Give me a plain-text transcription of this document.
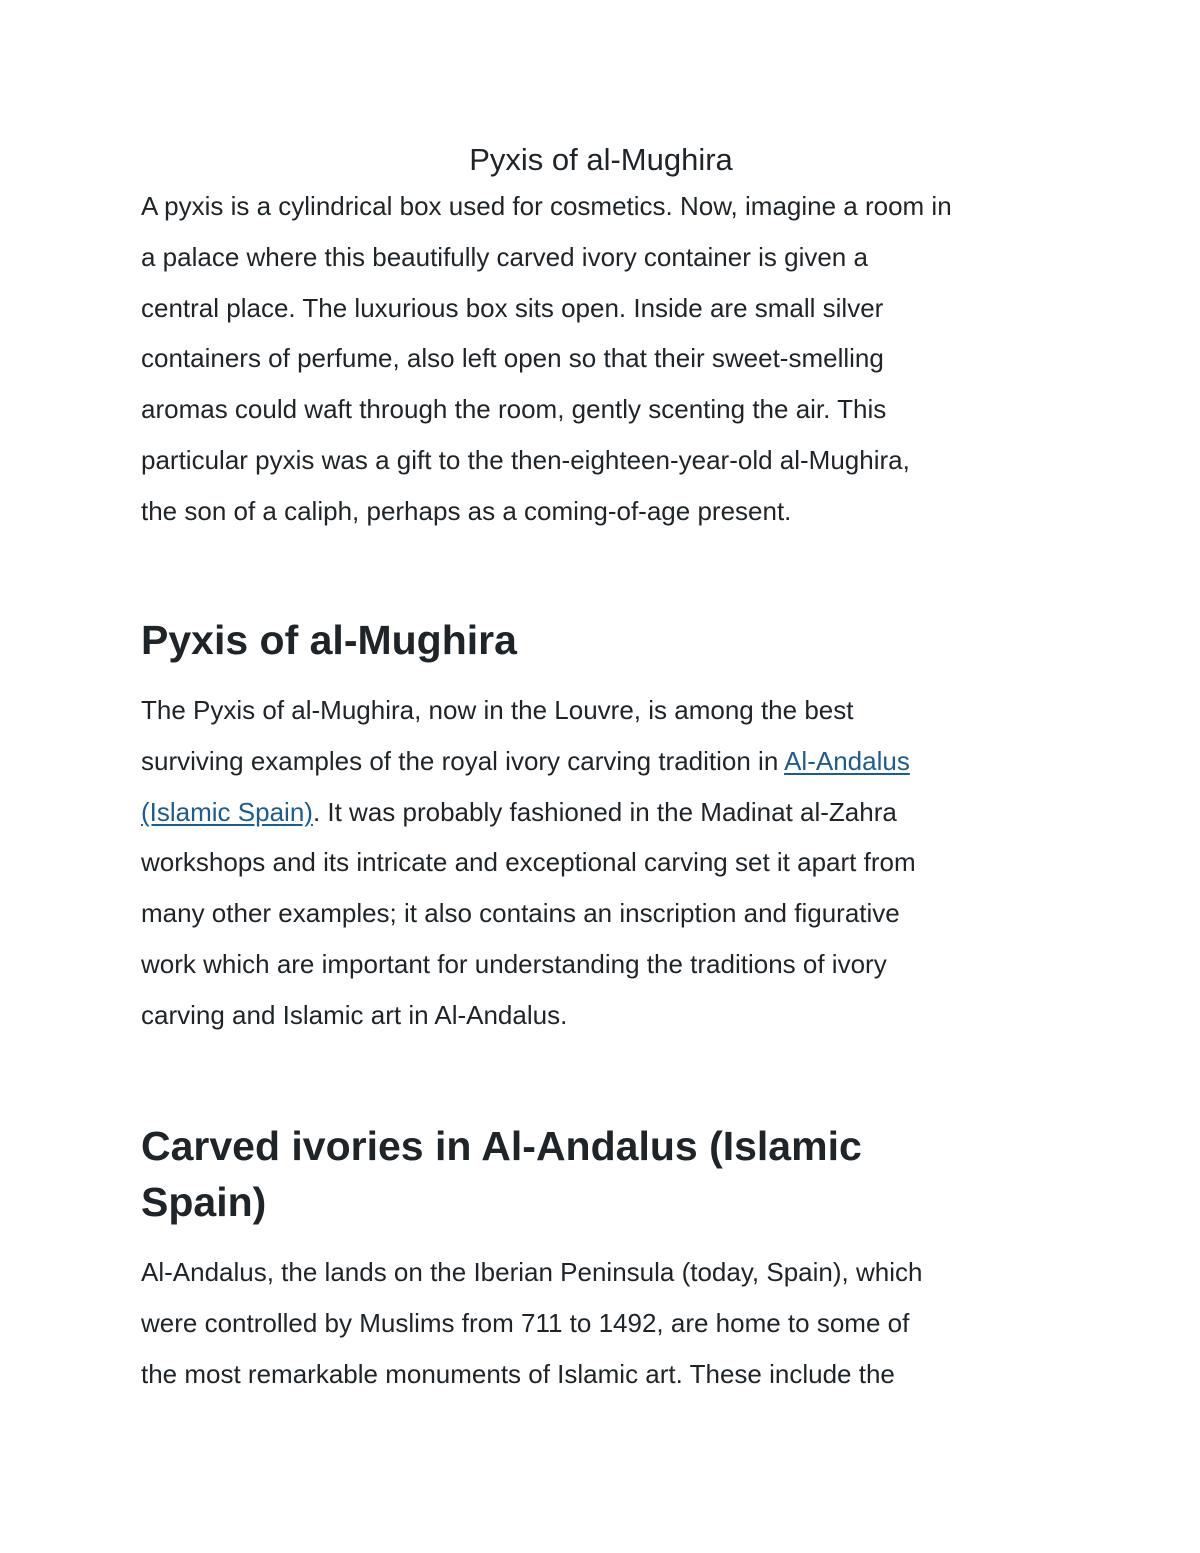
Pyxis of al-Mughira

A pyxis is a cylindrical box used for cosmetics. Now, imagine a room in
a palace where this beautifully carved ivory container is given a
central place. The luxurious box sits open. Inside are small silver
containers of perfume, also left open so that their sweet-smelling
aromas could waft through the room, gently scenting the air. This
particular pyxis was a gift to the then-eighteen-year-old al-Mughira,
the son of a caliph, perhaps as a coming-of-age present.

Pyxis of al-Mughira

The Pyxis of al-Mughira, now in the Louvre, is among the best
surviving examples of the royal ivory carving tradition in Al-Andalus
(Islamic Spain). It was probably fashioned in the Madinat al-Zahra
workshops and its intricate and exceptional carving set it apart from
many other examples; it also contains an inscription and figurative
work which are important for understanding the traditions of ivory
carving and Islamic art in Al-Andalus.

Carved ivories in Al-Andalus (Islamic
Spain)

Al-Andalus, the lands on the Iberian Peninsula (today, Spain), which
were controlled by Muslims from 711 to 1492, are home to some of
the most remarkable monuments of Islamic art. These include the
